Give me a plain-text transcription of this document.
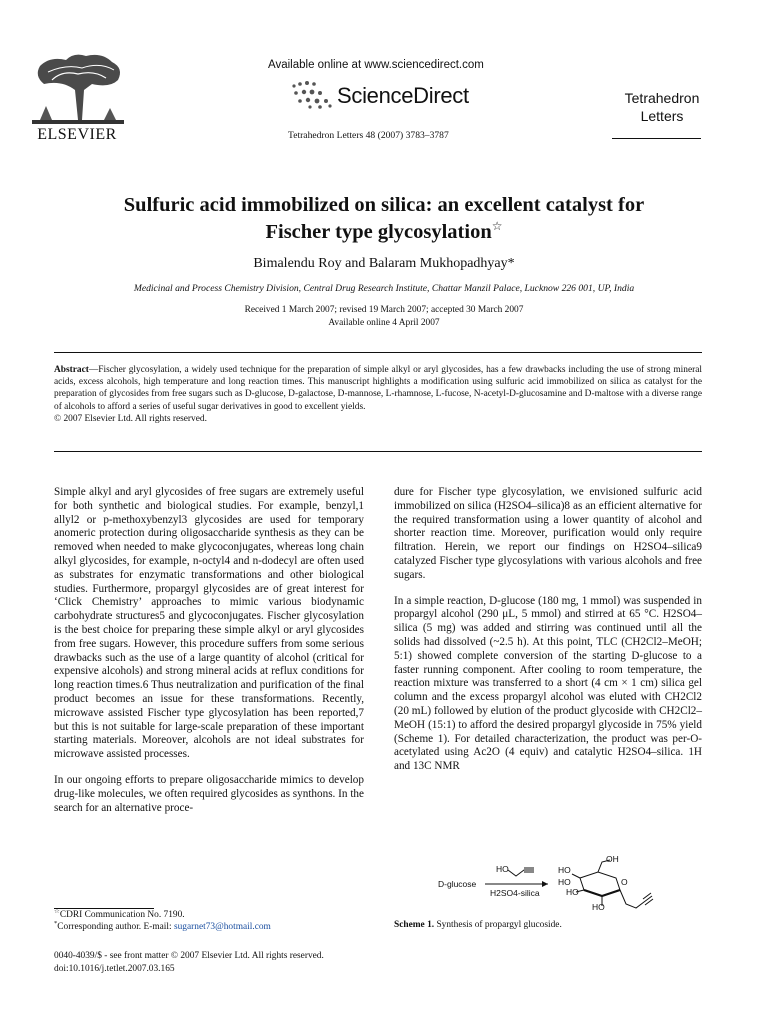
ELSEVIER
Available online at www.sciencedirect.com
ScienceDirect
Tetrahedron Letters 48 (2007) 3783–3787
Tetrahedron
Letters
Sulfuric acid immobilized on silica: an excellent catalyst for
Fischer type glycosylation☆
Bimalendu Roy and Balaram Mukhopadhyay*
Medicinal and Process Chemistry Division, Central Drug Research Institute, Chattar Manzil Palace, Lucknow 226 001, UP, India
Received 1 March 2007; revised 19 March 2007; accepted 30 March 2007
Available online 4 April 2007
Abstract—Fischer glycosylation, a widely used technique for the preparation of simple alkyl or aryl glycosides, has a few drawbacks including the use of strong mineral acids, excess alcohols, high temperature and long reaction times. This manuscript highlights a modification using sulfuric acid immobilized on silica as catalyst for the preparation of glycosides from free sugars such as D-glucose, D-galactose, D-mannose, L-rhamnose, L-fucose, N-acetyl-D-glucosamine and D-maltose with a diverse range of alcohols to afford a series of useful sugar derivatives in good to excellent yields.
© 2007 Elsevier Ltd. All rights reserved.

Simple alkyl and aryl glycosides of free sugars are extremely useful for both synthetic and biological studies. For example, benzyl,1 allyl2 or p-methoxybenzyl3 glycosides are used for temporary anomeric protection during oligosaccharide synthesis as they can be removed when needed to make glycoconjugates, whereas long chain alkyl glycosides, for example, n-octyl4 and n-dodecyl are often used as substrates for enzymatic transformations and other biological studies. Furthermore, propargyl glycosides are of great interest for ‘Click Chemistry’ approaches to mimic various biodynamic carbohydrate structures5 and glycoconjugates. Fischer glycosylation is the best choice for preparing these simple alkyl or aryl glycosides from free sugars. However, this procedure suffers from some serious drawbacks such as the use of a large quantity of alcohol (critical for expensive alcohols) and strong mineral acids at reflux conditions for long reaction times.6 Thus neutralization and purification of the final product becomes an issue for these transformations. Recently, microwave assisted Fischer type glycosylation has been reported,7 but this is not suitable for large-scale preparation of these important starting materials. Moreover, alcohols are not ideal substrates for microwave assisted processes.

In our ongoing efforts to prepare oligosaccharide mimics to develop drug-like molecules, we often required glycosides as synthons. In the search for an alternative proce-

dure for Fischer type glycosylation, we envisioned sulfuric acid immobilized on silica (H2SO4–silica)8 as an efficient alternative for the required transformation using a lower quantity of alcohol and shorter reaction time. Moreover, purification would only require filtration. Herein, we report our findings on H2SO4–silica9 catalyzed Fischer type glycosylations with various alcohols and free sugars.

In a simple reaction, D-glucose (180 mg, 1 mmol) was suspended in propargyl alcohol (290 μL, 5 mmol) and stirred at 65 °C. H2SO4–silica (5 mg) was added and stirring was continued until all the solids had dissolved (~2.5 h). At this point, TLC (CH2Cl2–MeOH; 5:1) showed complete conversion of the starting D-glucose to a faster running component. After cooling to room temperature, the reaction mixture was transferred to a short (4 cm × 1 cm) silica gel column and the excess propargyl alcohol was eluted with CH2Cl2 (20 mL) followed by elution of the product glycoside with CH2Cl2–MeOH (15:1) to afford the desired propargyl glycoside in 75% yield (Scheme 1). For detailed characterization, the product was per-O-acetylated using Ac2O (4 equiv) and catalytic H2SO4–silica. 1H and 13C NMR

D-glucose
HO
H2SO4-silica
HO
OH
HO
HO
O
HO
Scheme 1. Synthesis of propargyl glucoside.
☆CDRI Communication No. 7190.
*Corresponding author. E-mail: sugarnet73@hotmail.com
0040-4039/$ - see front matter © 2007 Elsevier Ltd. All rights reserved.
doi:10.1016/j.tetlet.2007.03.165
